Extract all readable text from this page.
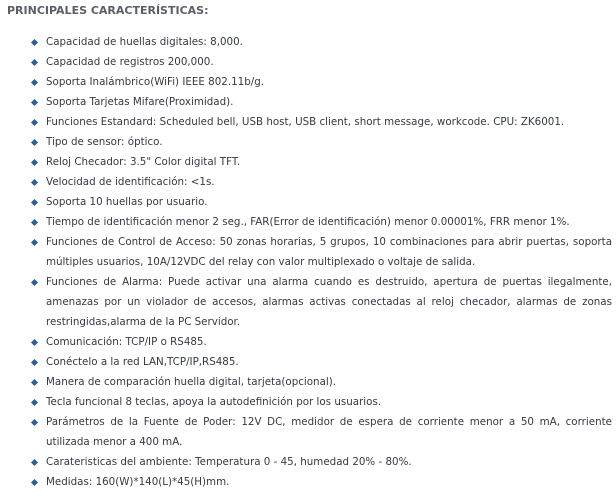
PRINCIPALES CARACTERÍSTICAS:
Capacidad de huellas digitales: 8,000.
Capacidad de registros 200,000.
Soporta Inalámbrico(WiFi) IEEE 802.11b/g.
Soporta Tarjetas Mifare(Proximidad).
Funciones Estandard: Scheduled bell, USB host, USB client, short message, workcode. CPU: ZK6001.
Tipo de sensor: óptico.
Reloj Checador: 3.5" Color digital TFT.
Velocidad de identificación: <1s.
Soporta 10 huellas por usuario.
Tiempo de identificación menor 2 seg., FAR(Error de identificación) menor 0.00001%, FRR menor 1%.
Funciones de Control de Acceso: 50 zonas horarias, 5 grupos, 10 combinaciones para abrir puertas, soporta múltiples usuarios, 10A/12VDC del relay con valor multiplexado o voltaje de salida.
Funciones de Alarma: Puede activar una alarma cuando es destruido, apertura de puertas ilegalmente, amenazas por un violador de accesos, alarmas activas conectadas al reloj checador, alarmas de zonas restringidas,alarma de la PC Servidor.
Comunicación: TCP/IP o RS485.
Conéctelo a la red LAN,TCP/IP,RS485.
Manera de comparación huella digital, tarjeta(opcional).
Tecla funcional 8 teclas, apoya la autodefinición por los usuarios.
Parámetros de la Fuente de Poder: 12V DC, medidor de espera de corriente menor a 50 mA, corriente utilizada menor a 400 mA.
Carateristicas del ambiente: Temperatura 0 - 45, humedad 20% - 80%.
Medidas: 160(W)*140(L)*45(H)mm.
